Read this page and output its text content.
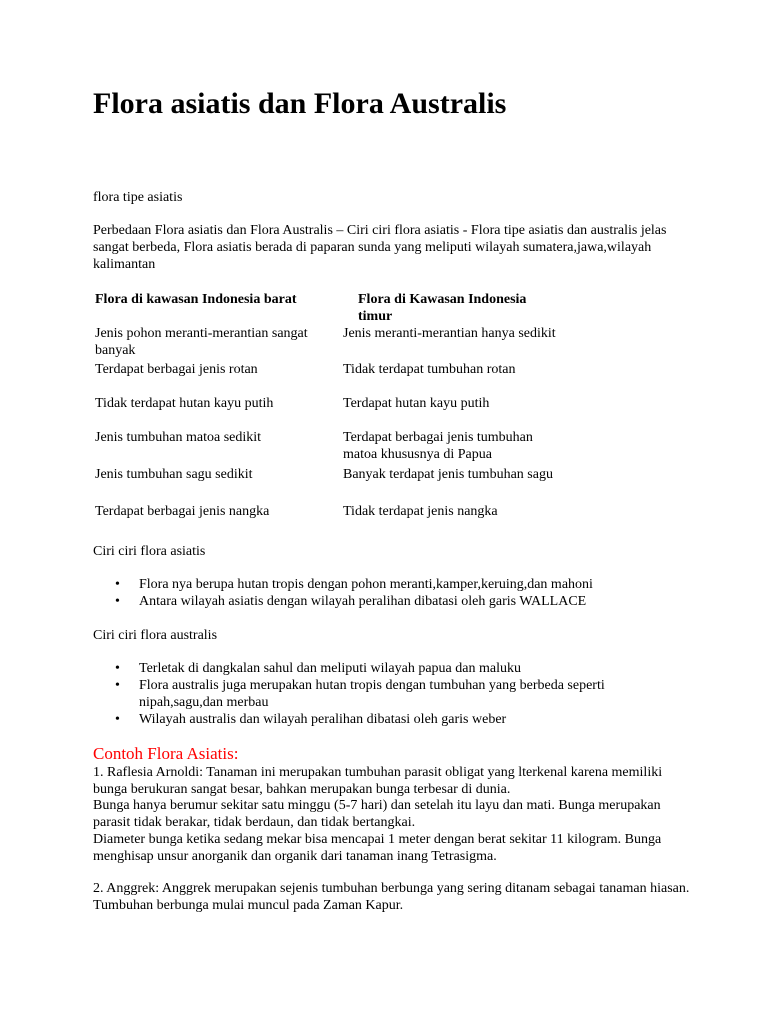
Flora asiatis dan Flora Australis

flora tipe asiatis

Perbedaan Flora asiatis dan Flora Australis – Ciri ciri flora asiatis - Flora tipe asiatis dan australis jelas sangat berbeda, Flora asiatis berada di paparan sunda yang meliputi wilayah sumatera,jawa,wilayah kalimantan

Flora di kawasan Indonesia barat	Flora di Kawasan Indonesia timur
Jenis pohon meranti-merantian sangat banyak	Jenis meranti-merantian hanya sedikit
Terdapat berbagai jenis rotan	Tidak terdapat tumbuhan rotan
Tidak terdapat hutan kayu putih	Terdapat hutan kayu putih
Jenis tumbuhan matoa sedikit	Terdapat berbagai jenis tumbuhan matoa khususnya di Papua
Jenis tumbuhan sagu sedikit	Banyak terdapat jenis tumbuhan sagu
Terdapat berbagai jenis nangka	Tidak terdapat jenis nangka

Ciri ciri flora asiatis

• Flora nya berupa hutan tropis dengan pohon meranti,kamper,keruing,dan mahoni
• Antara wilayah asiatis dengan wilayah peralihan dibatasi oleh garis WALLACE

Ciri ciri flora australis

• Terletak di dangkalan sahul dan meliputi wilayah papua dan maluku
• Flora australis juga merupakan hutan tropis dengan tumbuhan yang berbeda seperti nipah,sagu,dan merbau
• Wilayah australis dan wilayah peralihan dibatasi oleh garis weber
Contoh Flora Asiatis:
1. Raflesia Arnoldi: Tanaman ini merupakan tumbuhan parasit obligat yang lterkenal karena memiliki bunga berukuran sangat besar, bahkan merupakan bunga terbesar di dunia.
Bunga hanya berumur sekitar satu minggu (5-7 hari) dan setelah itu layu dan mati. Bunga merupakan parasit tidak berakar, tidak berdaun, dan tidak bertangkai.
Diameter bunga ketika sedang mekar bisa mencapai 1 meter dengan berat sekitar 11 kilogram. Bunga menghisap unsur anorganik dan organik dari tanaman inang Tetrasigma.

2. Anggrek: Anggrek merupakan sejenis tumbuhan berbunga yang sering ditanam sebagai tanaman hiasan. Tumbuhan berbunga mulai muncul pada Zaman Kapur.
